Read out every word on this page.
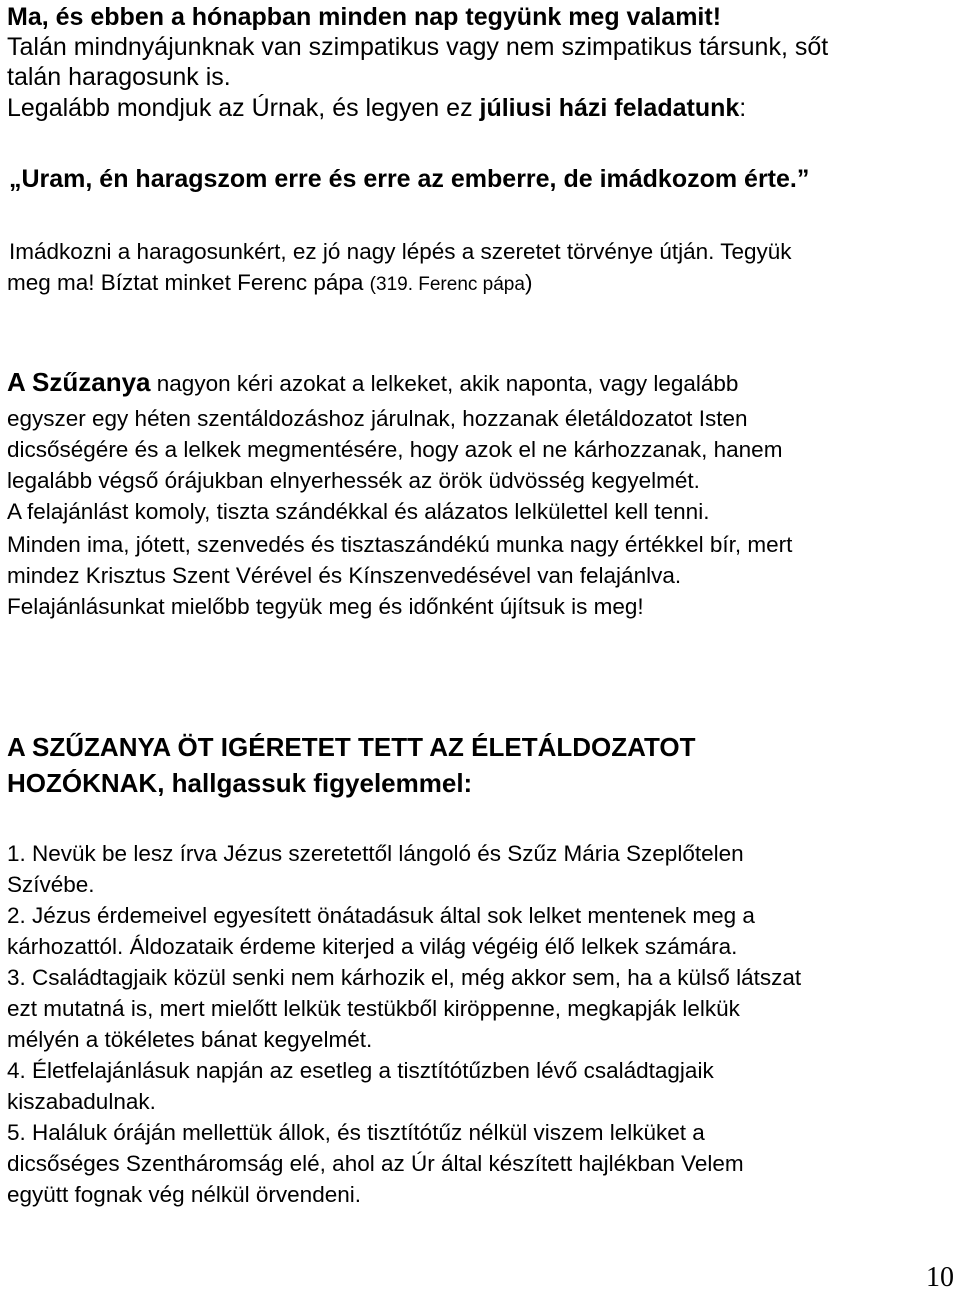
Ma, és ebben a hónapban minden nap tegyünk meg valamit!
Talán mindnyájunknak van szimpatikus vagy nem szimpatikus társunk, sőt
talán haragosunk is.
Legalább mondjuk az Úrnak, és legyen ez júliusi házi feladatunk:
„Uram, én haragszom erre és erre az emberre, de imádkozom érte.”
Imádkozni a haragosunkért, ez jó nagy lépés a szeretet törvénye útján. Tegyük
meg ma! Bíztat minket Ferenc pápa (319. Ferenc pápa)
A Szűzanya nagyon kéri azokat a lelkeket, akik naponta, vagy legalább
egyszer egy héten szentáldozáshoz járulnak, hozzanak életáldozatot Isten
dicsőségére és a lelkek megmentésére, hogy azok el ne kárhozzanak, hanem
legalább végső órájukban elnyerhessék az örök üdvösség kegyelmét.
A felajánlást komoly, tiszta szándékkal és alázatos lelkülettel kell tenni.
Minden ima, jótett, szenvedés és tisztaszándékú munka nagy értékkel bír, mert
mindez Krisztus Szent Vérével és Kínszenvedésével van felajánlva.
Felajánlásunkat mielőbb tegyük meg és időnként újítsuk is meg!
A SZŰZANYA ÖT IGÉRETET TETT AZ ÉLETÁLDOZATOT
HOZÓKNAK, hallgassuk figyelemmel:
1. Nevük be lesz írva Jézus szeretettől lángoló és Szűz Mária Szeplőtelen
Szívébe.
2. Jézus érdemeivel egyesített önátadásuk által sok lelket mentenek meg a
kárhozattól. Áldozataik érdeme kiterjed a világ végéig élő lelkek számára.
3. Családtagjaik közül senki nem kárhozik el, még akkor sem, ha a külső látszat
ezt mutatná is, mert mielőtt lelkük testükből kiröppenne, megkapják lelkük
mélyén a tökéletes bánat kegyelmét.
4. Életfelajánlásuk napján az esetleg a tisztítótűzben lévő családtagjaik
kiszabadulnak.
5. Haláluk óráján mellettük állok, és tisztítótűz nélkül viszem lelküket a
dicsőséges Szentháromság elé, ahol az Úr által készített hajlékban Velem
együtt fognak vég nélkül örvendeni.
10
